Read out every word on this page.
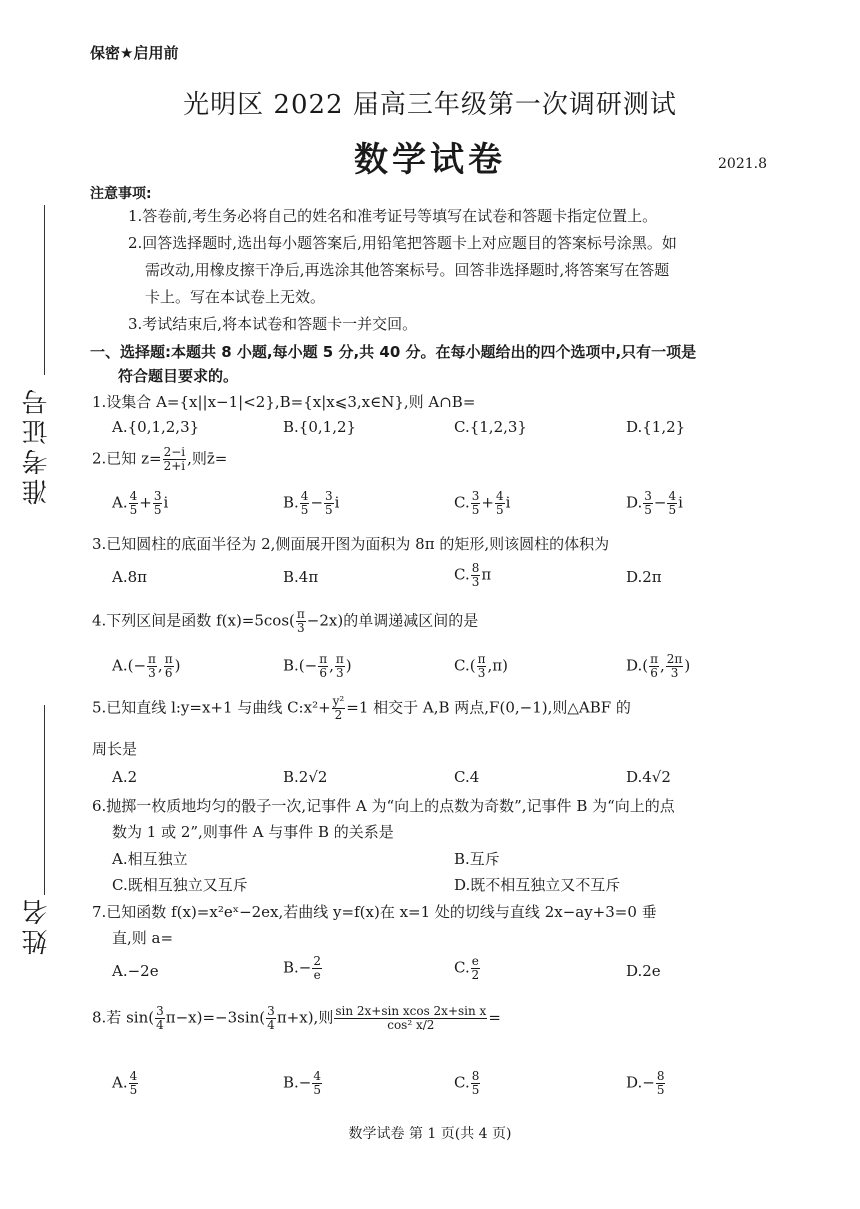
保密★启用前
光明区 2022 届高三年级第一次调研测试
数学试卷	2021.8
准考证号
姓名
注意事项:
1.答卷前,考生务必将自己的姓名和准考证号等填写在试卷和答题卡指定位置上。
2.回答选择题时,选出每小题答案后,用铅笔把答题卡上对应题目的答案标号涂黑。如
需改动,用橡皮擦干净后,再选涂其他答案标号。回答非选择题时,将答案写在答题
卡上。写在本试卷上无效。
3.考试结束后,将本试卷和答题卡一并交回。
一、选择题:本题共 8 小题,每小题 5 分,共 40 分。在每小题给出的四个选项中,只有一项是
符合题目要求的。
1.设集合 A={x||x−1|<2},B={x|x⩽3,x∈N},则 A∩B=
A.{0,1,2,3}	B.{0,1,2}	C.{1,2,3}	D.{1,2}
2.已知 $z= \frac{2-i}{2+i}$ ,则z̄=
A. $\frac{4}{5} + \frac{3}{5}$ i	B. $\frac{4}{5} - \frac{3}{5}$ i	C. $\frac{3}{5} + \frac{4}{5}$ i	D. $\frac{3}{5} - \frac{4}{5}$ i
3.已知圆柱的底面半径为 2,侧面展开图为面积为 8π 的矩形,则该圆柱的体积为
A.8π	B.4π	C. $\frac{8}{3}$ π	D.2π
4.下列区间是函数 $f(x)=5\cos( \frac{\pi}{3} -2x)$的单调递减区间的是
$A.(- \frac{\pi}{3}$ , $\frac{\pi}{6}$ )	$B.(- \frac{\pi}{6}$ , $\frac{\pi}{3}$ )	$C.( \frac{\pi}{3} ,\pi)$	$D.( \frac{\pi}{6}$ , $\frac{2\pi}{3}$ )
5.已知直线 l:y=x+1 与曲线 C:x²+ $\frac{\text{y²}}{2} =1$ 相交于 A,B 两点,F(0,−1),则△ABF 的
周长是
A.2	B.2√2	C.4	D.4√2
6.抛掷一枚质地均匀的骰子一次,记事件 A 为“向上的点数为奇数”,记事件 B 为“向上的点
数为 1 或 2”,则事件 A 与事件 B 的关系是
A.相互独立	B.互斥
C.既相互独立又互斥	D.既不相互独立又不互斥
7.已知函数 f(x)=x²eˣ−2ex,若曲线 y=f(x)在 x=1 处的切线与直线 2x−ay+3=0 垂
直,则 a=
A.−2e	$B.- \frac{2}{e}$	C. $\frac{e}{2}$	D.2e
8.若 $\sin( \frac{3}{4} \pi-x)=-3\sin( \frac{3}{4} \pi+x)$,则 $\frac{\text{sin 2x+sin xcos 2x+sin x}}{\text{cos² x/2}}$ =
A. $\frac{4}{5}$	$B.- \frac{4}{5}$	C. $\frac{8}{5}$	$D.- \frac{8}{5}$
数学试卷 第 1 页(共 4 页)
